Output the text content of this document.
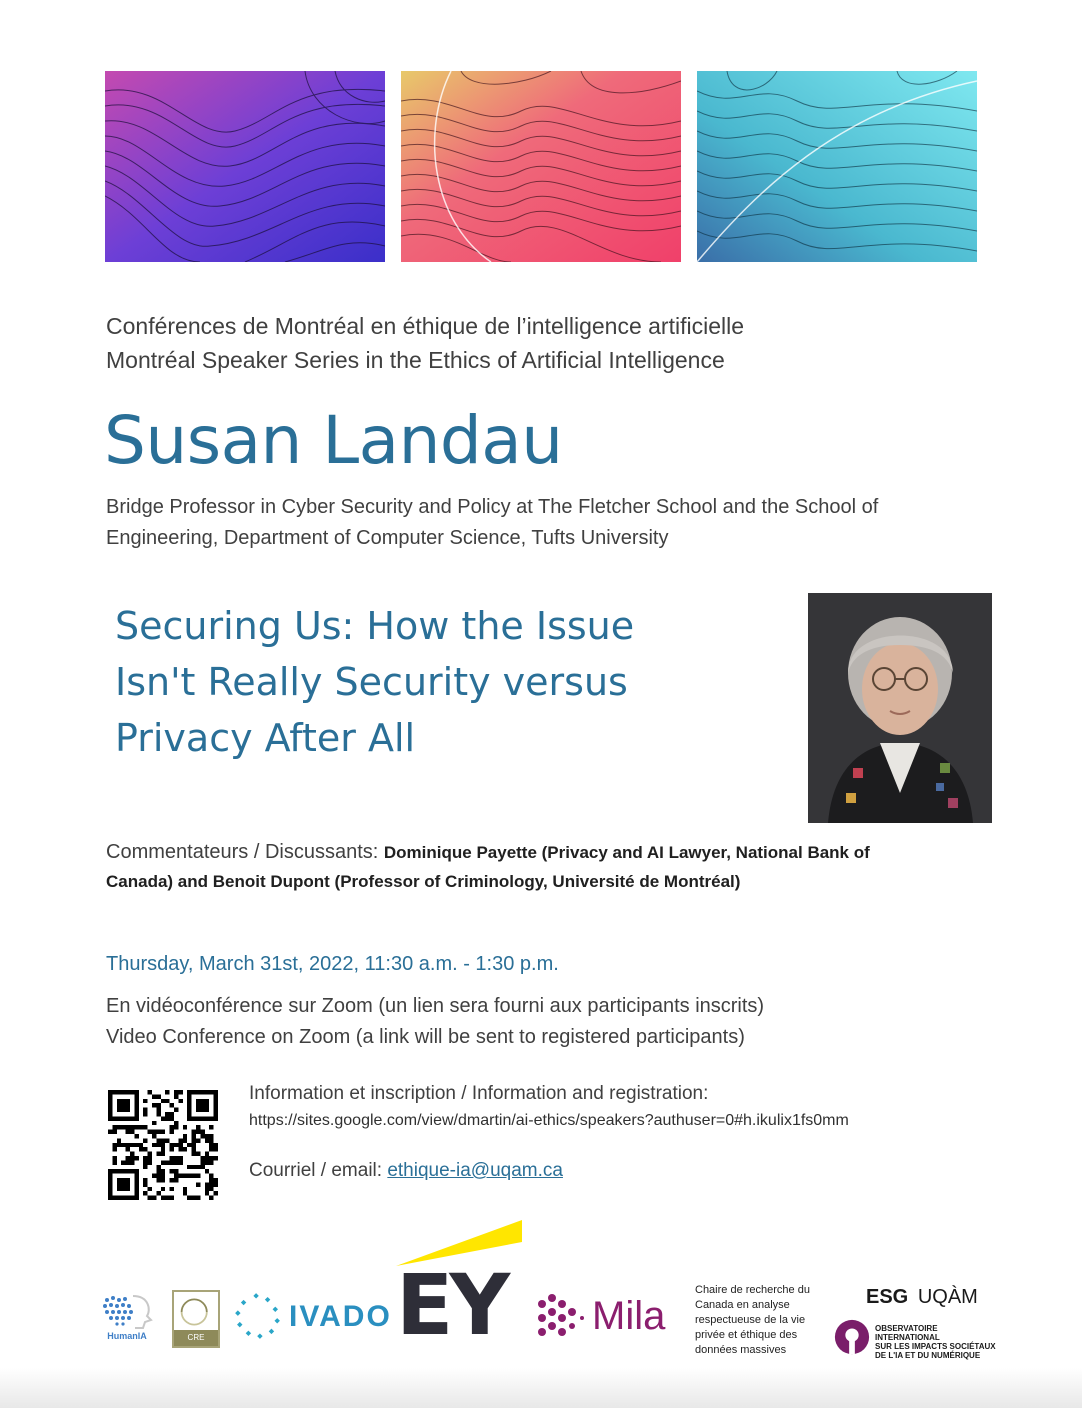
Conférences de Montréal en éthique de l’intelligence artificielle
Montréal Speaker Series in the Ethics of Artificial Intelligence
Susan Landau
Bridge Professor in Cyber Security and Policy at The Fletcher School and the School of
Engineering, Department of Computer Science, Tufts University
Securing Us: How the Issue
Isn't Really Security versus
Privacy After All
Commentateurs / Discussants: Dominique Payette (Privacy and AI Lawyer, National Bank of
Canada) and Benoit Dupont (Professor of Criminology, Université de Montréal)
Thursday, March 31st, 2022, 11:30 a.m. - 1:30 p.m.
En vidéoconférence sur Zoom (un lien sera fourni aux participants inscrits)
Video Conference on Zoom (a link will be sent to registered participants)
Information et inscription / Information and registration:
https://sites.google.com/view/dmartin/ai-ethics/speakers?authuser=0#h.ikulix1fs0mm
Courriel / email: ethique-ia@uqam.ca
HumanIA	CRE
IVADO EY Mila
Chaire de recherche du
Canada en analyse
respectueuse de la vie
privée et éthique des
données massives
ESG UQÀM
OBSERVATOIRE INTERNATIONAL
SUR LES IMPACTS SOCIÉTAUX
DE L'IA ET DU NUMÉRIQUE
